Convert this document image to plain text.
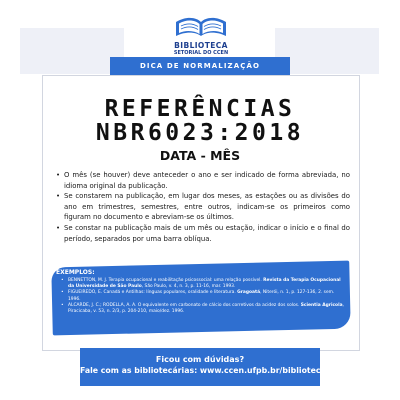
BIBLIOTECA
SETORIAL DO CCEN
DICA DE NORMALIZAÇÃO
REFERÊNCIAS
NBR6023:2018
DATA - MÊS
• O mês (se houver) deve anteceder o ano e ser indicado de forma abreviada, no idioma original da publicação.
• Se constarem na publicação, em lugar dos meses, as estações ou as divisões do ano em trimestres, semestres, entre outros, indicam-se os primeiros como figuram no documento e abreviam-se os últimos.
• Se constar na publicação mais de um mês ou estação, indicar o início e o final do período, separados por uma barra oblíqua.
EXEMPLOS:
• BENNETTON, M. J. Terapia ocupacional e reabilitação psicossocial: uma relação possível. Revista da Terapia Ocupacional da Universidade de São Paulo, São Paulo, v. 4, n. 3, p. 11-16, mar. 1993.
• FIGUEIREDO, E. Canadá e Antilhas: línguas populares, oralidade e literatura. Gragoatá, Niterói, n. 1, p. 127-136, 2. sem. 1996.
• ALCARDE, J. C.; RODELLA, A. A. O equivalente em carbonato de cálcio dos corretivos da acidez dos solos. Scientia Agricola, Piracicaba, v. 53, n. 2/3, p. 204-210, maio/dez. 1996.
Ficou com dúvidas?
Fale com as bibliotecárias: www.ccen.ufpb.br/biblioteca
